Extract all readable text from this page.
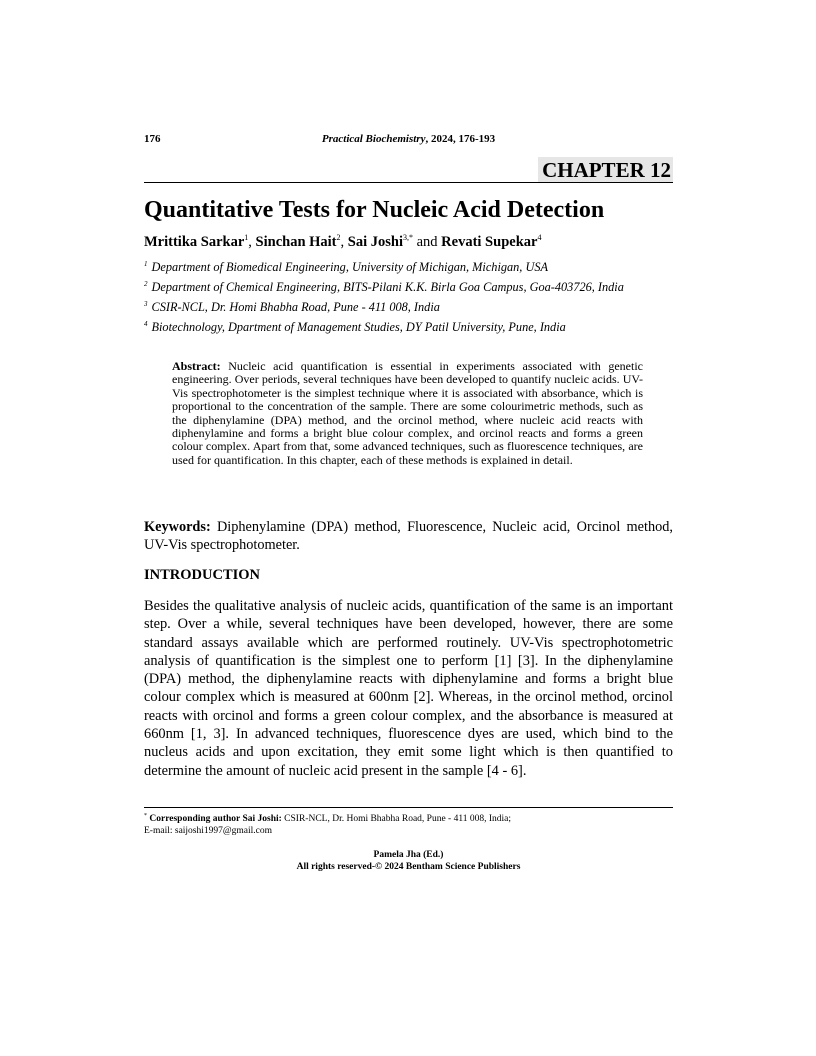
176	Practical Biochemistry, 2024, 176-193
CHAPTER 12
Quantitative Tests for Nucleic Acid Detection
Mrittika Sarkar$^1$, Sinchan Hait$^2$, Sai Joshi$^{3,*}$ and Revati Supekar$^4$
$^1$ Department of Biomedical Engineering, University of Michigan, Michigan, USA
$^2$ Department of Chemical Engineering, BITS-Pilani K.K. Birla Goa Campus, Goa-403726, India
$^3$ CSIR-NCL, Dr. Homi Bhabha Road, Pune - 411 008, India
$^4$ Biotechnology, Dpartment of Management Studies, DY Patil University, Pune, India
Abstract: Nucleic acid quantification is essential in experiments associated with genetic engineering. Over periods, several techniques have been developed to quantify nucleic acids. UV-Vis spectrophotometer is the simplest technique where it is associated with absorbance, which is proportional to the concentration of the sample. There are some colourimetric methods, such as the diphenylamine (DPA) method, and the orcinol method, where nucleic acid reacts with diphenylamine and forms a bright blue colour complex, and orcinol reacts and forms a green colour complex. Apart from that, some advanced techniques, such as fluorescence techniques, are used for quantification. In this chapter, each of these methods is explained in detail.
Keywords: Diphenylamine (DPA) method, Fluorescence, Nucleic acid, Orcinol method, UV-Vis spectrophotometer.
INTRODUCTION
Besides the qualitative analysis of nucleic acids, quantification of the same is an important step. Over a while, several techniques have been developed, however, there are some standard assays available which are performed routinely. UV-Vis spectrophotometric analysis of quantification is the simplest one to perform [1] [3]. In the diphenylamine (DPA) method, the diphenylamine reacts with diphenylamine and forms a bright blue colour complex which is measured at 600nm [2]. Whereas, in the orcinol method, orcinol reacts with orcinol and forms a green colour complex, and the absorbance is measured at 660nm [1, 3]. In advanced techniques, fluorescence dyes are used, which bind to the nucleus acids and upon excitation, they emit some light which is then quantified to determine the amount of nucleic acid present in the sample [4 - 6].
* Corresponding author Sai Joshi: CSIR-NCL, Dr. Homi Bhabha Road, Pune - 411 008, India;
E-mail: saijoshi1997@gmail.com
Pamela Jha (Ed.)
All rights reserved-© 2024 Bentham Science Publishers
